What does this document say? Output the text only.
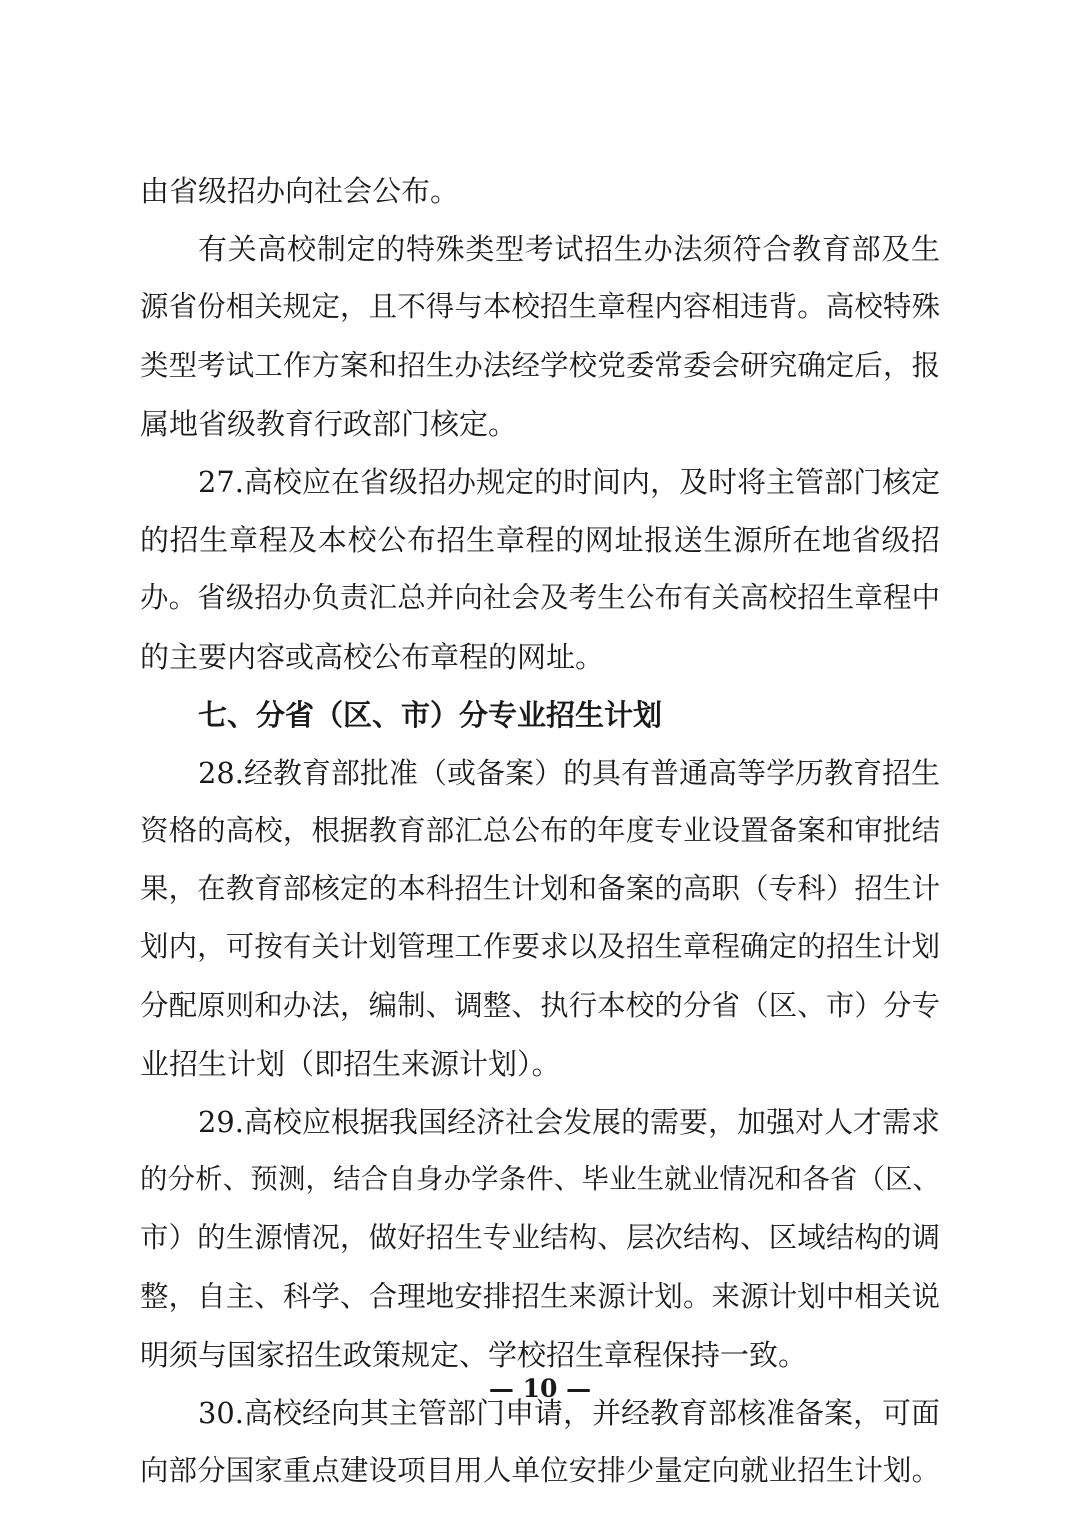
由省级招办向社会公布。
有关高校制定的特殊类型考试招生办法须符合教育部及生
源省份相关规定，且不得与本校招生章程内容相违背。高校特殊
类型考试工作方案和招生办法经学校党委常委会研究确定后，报
属地省级教育行政部门核定。
27.高校应在省级招办规定的时间内，及时将主管部门核定
的招生章程及本校公布招生章程的网址报送生源所在地省级招
办。省级招办负责汇总并向社会及考生公布有关高校招生章程中
的主要内容或高校公布章程的网址。
七、分省（区、市）分专业招生计划
28.经教育部批准（或备案）的具有普通高等学历教育招生
资格的高校，根据教育部汇总公布的年度专业设置备案和审批结
果，在教育部核定的本科招生计划和备案的高职（专科）招生计
划内，可按有关计划管理工作要求以及招生章程确定的招生计划
分配原则和办法，编制、调整、执行本校的分省（区、市）分专
业招生计划（即招生来源计划）。
29.高校应根据我国经济社会发展的需要，加强对人才需求
的分析、预测，结合自身办学条件、毕业生就业情况和各省（区、
市）的生源情况，做好招生专业结构、层次结构、区域结构的调
整，自主、科学、合理地安排招生来源计划。来源计划中相关说
明须与国家招生政策规定、学校招生章程保持一致。
30.高校经向其主管部门申请，并经教育部核准备案，可面
向部分国家重点建设项目用人单位安排少量定向就业招生计划。
— 10 —
